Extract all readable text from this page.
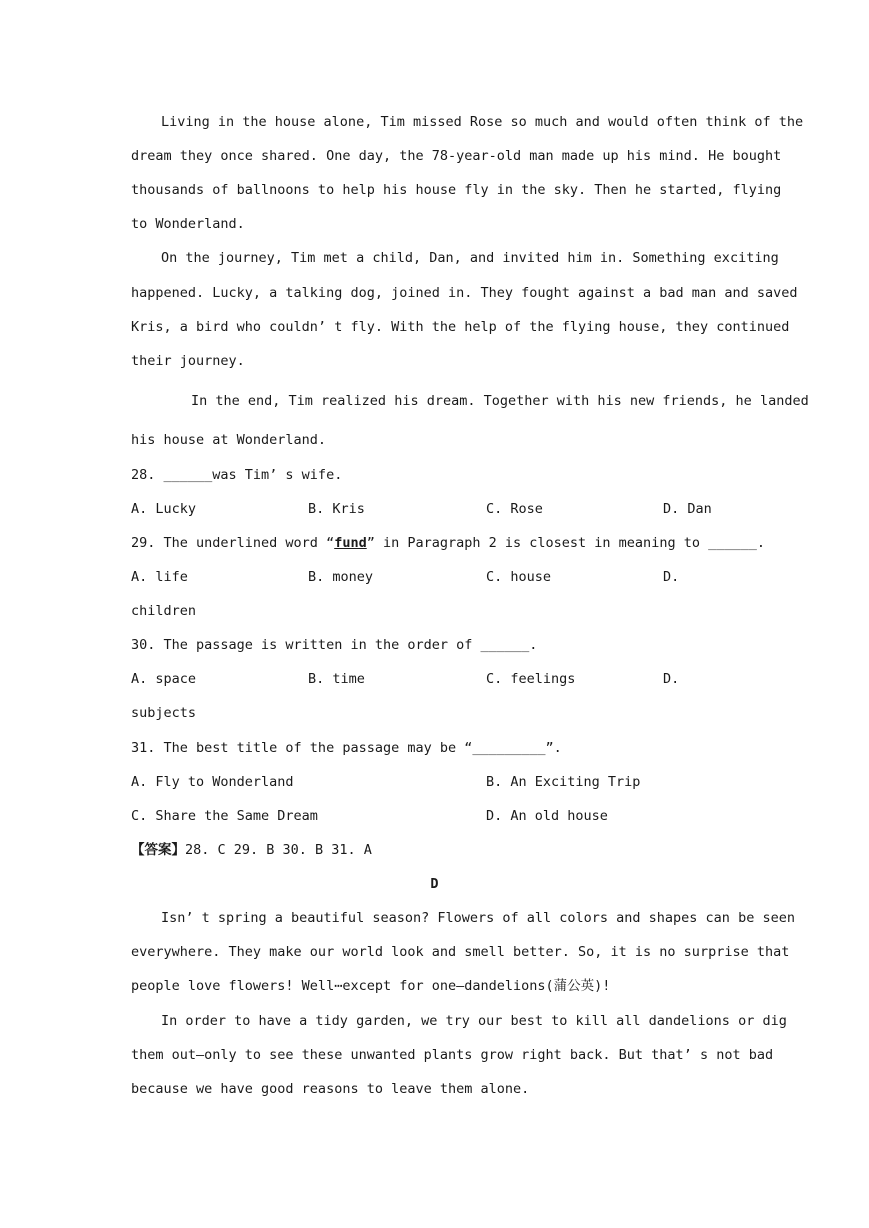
Living in the house alone, Tim missed Rose so much and would often think of the
dream they once shared. One day, the 78-year-old man made up his mind. He bought
thousands of ballnoons to help his house fly in the sky. Then he started, flying
to Wonderland.
On the journey, Tim met a child, Dan, and invited him in. Something exciting
happened. Lucky, a talking dog, joined in. They fought against a bad man and saved
Kris, a bird who couldn’ t fly. With the help of the flying house, they continued
their journey.
In the end, Tim realized his dream. Together with his new friends, he landed
his house at Wonderland.
28. ______was Tim’ s wife.
A. Lucky	B. Kris	C. Rose	D. Dan
29. The underlined word “fund” in Paragraph 2 is closest in meaning to ______.
A. life	B. money	C. house	D.
children
30. The passage is written in the order of ______.
A. space	B. time	C. feelings	D.
subjects
31. The best title of the passage may be “_________”.
A. Fly to Wonderland	B. An Exciting Trip
C. Share the Same Dream	D. An old house
【答案】28. C 29. B 30. B 31. A
D
Isn’ t spring a beautiful season? Flowers of all colors and shapes can be seen
everywhere. They make our world look and smell better. So, it is no surprise that
people love flowers! Well⋯except for one—dandelions(蒲公英)!
In order to have a tidy garden, we try our best to kill all dandelions or dig
them out—only to see these unwanted plants grow right back. But that’ s not bad
because we have good reasons to leave them alone.
